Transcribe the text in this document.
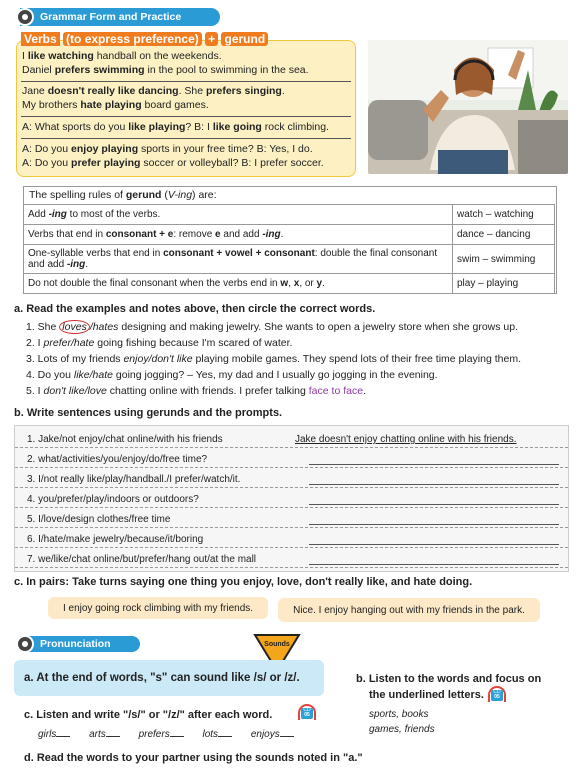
Grammar Form and Practice
Verbs (to express preference) + gerund
I like watching handball on the weekends.
Daniel prefers swimming in the pool to swimming in the sea.
Jane doesn't really like dancing. She prefers singing.
My brothers hate playing board games.
A: What sports do you like playing? B: I like going rock climbing.
A: Do you enjoy playing sports in your free time? B: Yes, I do.
A: Do you prefer playing soccer or volleyball? B: I prefer soccer.
The spelling rules of gerund (V-ing) are:
Add -ing to most of the verbs.	watch – watching
Verbs that end in consonant + e: remove e and add -ing.	dance – dancing
One-syllable verbs that end in consonant + vowel + consonant: double the final consonant and add -ing.	swim – swimming
Do not double the final consonant when the verbs end in w, x, or y.	play – playing
a. Read the examples and notes above, then circle the correct words.
1. She loves /hates designing and making jewelry. She wants to open a jewelry store when she grows up.
2. I prefer/hate going fishing because I'm scared of water.
3. Lots of my friends enjoy/don't like playing mobile games. They spend lots of their free time playing them.
4. Do you like/hate going jogging? – Yes, my dad and I usually go jogging in the evening.
5. I don't like/love chatting online with friends. I prefer talking face to face.
b. Write sentences using gerunds and the prompts.
1. Jake/not enjoy/chat online/with his friends	Jake doesn't enjoy chatting online with his friends.
2. what/activities/you/enjoy/do/free time?
3. I/not really like/play/handball./I prefer/watch/it.
4. you/prefer/play/indoors or outdoors?
5. I/love/design clothes/free time
6. I/hate/make jewelry/because/it/boring
7. we/like/chat online/but/prefer/hang out/at the mall
c. In pairs: Take turns saying one thing you enjoy, love, don't really like, and hate doing.
I enjoy going rock climbing with my friends.	Nice. I enjoy hanging out with my friends in the park.
Pronunciation	Sounds
a. At the end of words, "s" can sound like /s/ or /z/.	b. Listen to the words and focus on
the underlined letters.	CD
05
sports, books
games, friends
c. Listen and write "/s/" or "/z/" after each word.	CD
05
girls	arts	prefers	lots	enjoys
d. Read the words to your partner using the sounds noted in "a."
